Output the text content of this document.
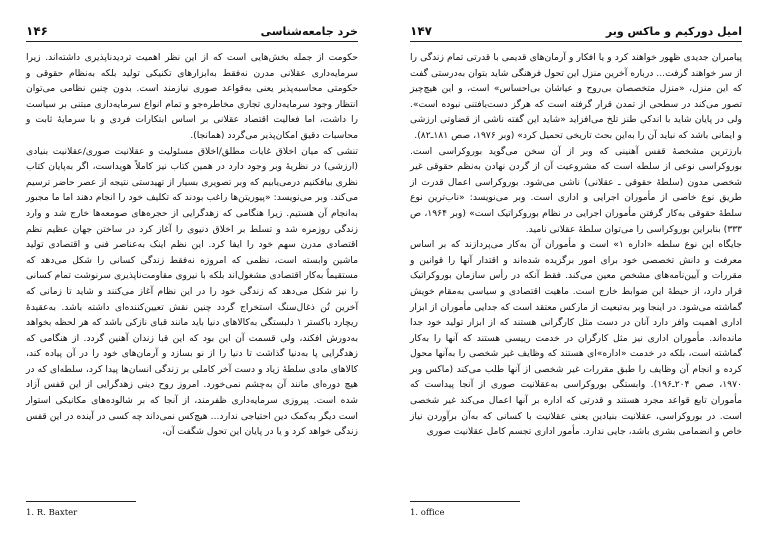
خرد جامعه‌شناسی
۱۴۶

حکومت از جمله بخش‌هایی است که از این نظر اهمیت تردیدناپذیری داشته‌اند. زیرا سرمایه‌داری عقلانی مدرن نه‌فقط به‌ابزارهای تکنیکی تولید بلکه به‌نظام حقوقی و حکومتی محاسبه‌پذیر یعنی به‌قواعد صوری نیازمند است. بدون چنین نظامی می‌توان انتظار وجود سرمایه‌داری تجاری مخاطره‌جو و تمام انواع سرمایه‌داری مبتنی بر سیاست را داشت، اما فعالیت اقتصاد عقلانی بر اساس ابتکارات فردی و با سرمایهٔ ثابت و محاسبات دقیق امکان‌پذیر می‌گردد (همانجا).

تنشی که میان اخلاق غایات مطلق/اخلاق مسئولیت و عقلانیت صوری/عقلانیت بنیادی (ارزشی) در نظریهٔ وبر وجود دارد در همین کتاب نیز کاملاً هویداست، اگر به‌پایان کتاب نظری بیافکنیم درمی‌یابیم که وبر تصویری بسیار از تهیدستی نتیجه از عصر حاضر ترسیم می‌کند. وبر می‌نویسد: «پیوریتن‌ها راغب بودند که تکلیف خود را انجام دهند اما ما مجبور به‌انجام آن هستیم. زیرا هنگامی که زهدگرایی از حجره‌های صومعه‌ها خارج شد و وارد زندگی روزمره شد و تسلط بر اخلاق دنیوی را آغاز کرد در ساختن جهان عظیم نظم اقتصادی مدرن سهم خود را ایفا کرد. این نظم اینک به‌عناصر فنی و اقتصادی تولید ماشین وابسته است، نظمی که امروزه نه‌فقط زندگی کسانی را شکل می‌دهد که مستقیماً به‌کار اقتصادی مشغول‌اند بلکه با نیروی مقاومت‌ناپذیری سرنوشت تمام کسانی را نیز شکل می‌دهد که زندگی خود را در این نظام آغاز می‌کنند و شاید تا زمانی که آخرین تُن ذغال‌سنگ استخراج گردد چنین نقش تعیین‌کننده‌ای داشته باشد. به‌عقیدهٔ ریچارد باکستر ۱ دلبستگی به‌کالاهای دنیا باید مانند قبای نازکی باشد که هر لحظه بخواهد به‌دورش افکند، ولی قسمت آن این بود که این قبا زندان آهنین گردد. از هنگامی که زهدگرایی پا به‌دنیا گذاشت تا دنیا را از نو بسازد و آرمان‌های خود را در آن پیاده کند، کالاهای مادی سلطهٔ زیاد و دست آخر کاملی بر زندگی انسان‌ها پیدا کرد، سلطه‌ای که در هیچ دوره‌ای مانند آن به‌چشم نمی‌خورد. امروز روح دینی زهدگرایی از این قفس آزاد شده است. پیروزی سرمایه‌داری ظفرمند، از آنجا که بر شالوده‌های مکانیکی استوار است دیگر به‌کمک دین احتیاجی ندارد... هیچ‌کس نمی‌داند چه کسی در آینده در این قفس زندگی خواهد کرد و یا در پایان این تحول شگفت آن،

1. R. Baxter
امیل دورکیم و ماکس وبر
۱۴۷

پیامبران جدیدی ظهور خواهند کرد و یا افکار و آرمان‌های قدیمی با قدرتی تمام زندگی را از سر خواهند گرفت... درباره آخرین منزل این تحول فرهنگی شاید بتوان به‌درستی گفت که این منزل، «منزل متخصصان بی‌روح و عیاشان بی‌احساس» است، و این هیچ‌چیز تصور می‌کند در سطحی از تمدن قرار گرفته است که هرگز دست‌یافتنی نبوده است». ولی در پایان شاید با اندکی طنز تلخ می‌افزاید «شاید این گفته ناشی از قضاوتی ارزشی و ایمانی باشد که نباید آن را به‌این بحث تاریخی تحمیل کرد» (وبر ۱۹۷۶، صص ۱۸۱ـ۸۲).

بارزترین مشخصهٔ قفس آهنینی که وبر از آن سخن می‌گوید بوروکراسی است. بوروکراسی نوعی از سلطه است که مشروعیت آن از گردن نهادن به‌نظم حقوقی غیر شخصی مدون (سلطهٔ حقوقی ـ عقلانی) ناشی می‌شود. بوروکراسی اعمال قدرت از طریق نوع خاصی از مأموران اجرایی و اداری است. وبر می‌نویسد: «ناب‌ترین نوع سلطهٔ حقوقی به‌کار گرفتن مأموران اجرایی در نظام بوروکراتیک است» (وبر ۱۹۶۴، ص ۳۳۳) بنابراین بوروکراسی را می‌توان سلطهٔ عقلانی نامید.

جایگاه این نوع سلطه «اداره ۱» است و مأموران آن به‌کار می‌پردازند که بر اساس معرفت و دانش تخصصی خود برای امور برگزیده شده‌اند و اقتدار آنها را قوانین و مقررات و آیین‌نامه‌های مشخص معین می‌کند. فقط آنکه در رأس سازمان بوروکراتیک قرار دارد، از حیطهٔ این ضوابط خارج است. ماهیت اقتصادی و سیاسی به‌مقام خویش گماشته می‌شود. در اینجا وبر به‌تبعیت از مارکس معتقد است که جدایی مأموران از ابزار اداری اهمیت وافر دارد آنان در دست مثل کارگرانی هستند که از ابزار تولید خود جدا مانده‌اند. مأموران اداری نیز مثل کارگران در خدمت رییسی هستند که آنها را به‌کار گماشته است، بلکه در خدمت «اداره»ای هستند که وظایف غیر شخصی را به‌آنها محول کرده و انجام آن وظایف را طبق مقررات غیر شخصی از آنها طلب می‌کند (ماکس وبر ۱۹۷۰، صص ۲۰۴ـ۱۹۶). وابستگی بوروکراسی به‌عقلانیت صوری از آنجا پیداست که مأموران تابع قواعد مجرد هستند و قدرتی که اداره بر آنها اعمال می‌کند غیر شخصی است. در بوروکراسی، عقلانیت بنیادین یعنی عقلانیت با کسانی که به‌آن برآوردن نیاز خاص و انضمامی بشری باشد، جایی ندارد. مأمور اداری تجسم کامل عقلانیت صوری

1. office
